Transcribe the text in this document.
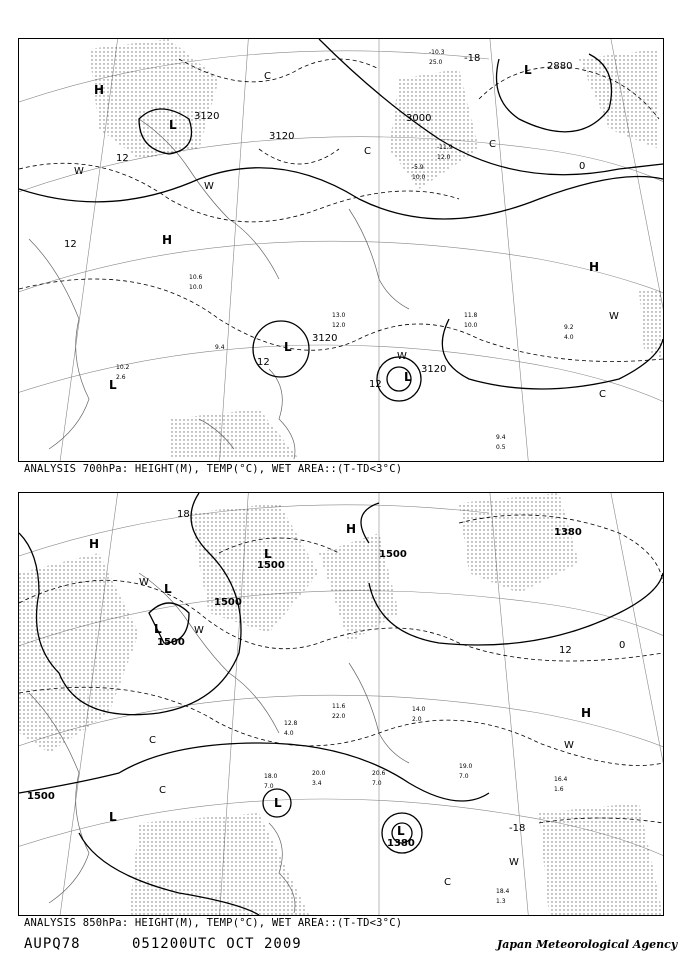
H
H
H
L
L
L
L
L
W
W
W
W
C
C
C
C
3120
3120
3120
3120
3000
2880
12
12
12
12
-18
0
9.4
0.5
9.2
4.0
11.8
10.0
13.0
12.0
10.6
10.0
10.2
2.6
9.4
-10.3
25.0
-5.9
10.0
-11.9
12.0
ANALYSIS 700hPa: HEIGHT(M), TEMP(°C), WET AREA::(T-TD<3°C)
H
H
H
L
L
L
L
L
L
W
W
W
W
C
C
C
1500
1500
1500
1500
1500
1380
1380
18
12
-18
0
16.4
1.6
19.0
7.0
18.4
1.3
20.0
3.4
20.6
7.0
12.8
4.0
18.0
7.0
11.6
22.0
14.0
2.0
ANALYSIS 850hPa: HEIGHT(M), TEMP(°C), WET AREA::(T-TD<3°C)
AUPQ78	051200UTC OCT 2009	Japan Meteorological Agency
